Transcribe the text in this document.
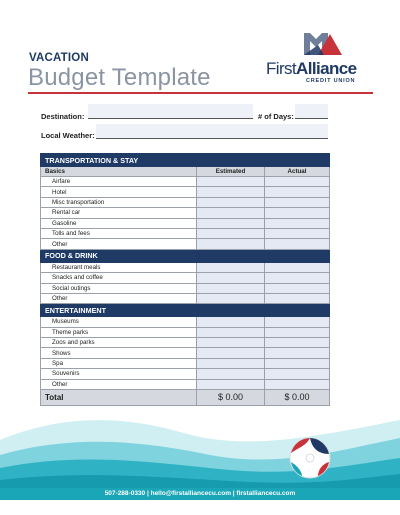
VACATION
Budget Template	FirstAlliance
CREDIT UNION
Destination:	# of Days:
Local Weather:
TRANSPORTATION & STAY		
Basics	Estimated	Actual
Airfare		
Hotel		
Misc transportation		
Rental car		
Gasoline		
Tolls and fees		
Other		
FOOD & DRINK		
Restaurant meals		
Snacks and coffee		
Social outings		
Other		
ENTERTAINMENT		
Museums		
Theme parks		
Zoos and parks		
Shows		
Spa		
Souvenirs		
Other		
Total	$ 0.00	$ 0.00
507-288-0330 | hello@firstalliancecu.com | firstalliancecu.com
